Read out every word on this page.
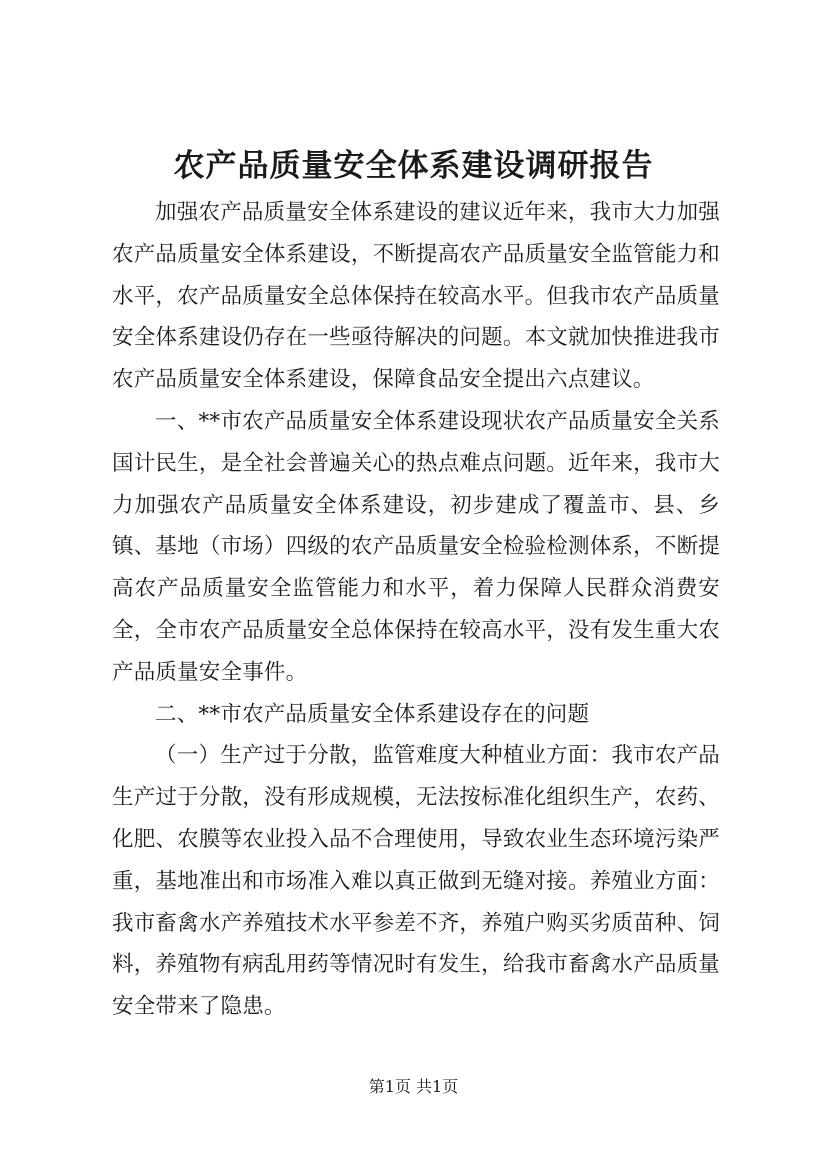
农产品质量安全体系建设调研报告

加强农产品质量安全体系建设的建议近年来，我市大力加强农产品质量安全体系建设，不断提高农产品质量安全监管能力和水平，农产品质量安全总体保持在较高水平。但我市农产品质量安全体系建设仍存在一些亟待解决的问题。本文就加快推进我市农产品质量安全体系建设，保障食品安全提出六点建议。

一、**市农产品质量安全体系建设现状农产品质量安全关系国计民生，是全社会普遍关心的热点难点问题。近年来，我市大力加强农产品质量安全体系建设，初步建成了覆盖市、县、乡镇、基地（市场）四级的农产品质量安全检验检测体系，不断提高农产品质量安全监管能力和水平，着力保障人民群众消费安全，全市农产品质量安全总体保持在较高水平，没有发生重大农产品质量安全事件。

二、**市农产品质量安全体系建设存在的问题

（一）生产过于分散，监管难度大种植业方面：我市农产品生产过于分散，没有形成规模，无法按标准化组织生产，农药、化肥、农膜等农业投入品不合理使用，导致农业生态环境污染严重，基地准出和市场准入难以真正做到无缝对接。养殖业方面：我市畜禽水产养殖技术水平参差不齐，养殖户购买劣质苗种、饲料，养殖物有病乱用药等情况时有发生，给我市畜禽水产品质量安全带来了隐患。

第1页 共1页
